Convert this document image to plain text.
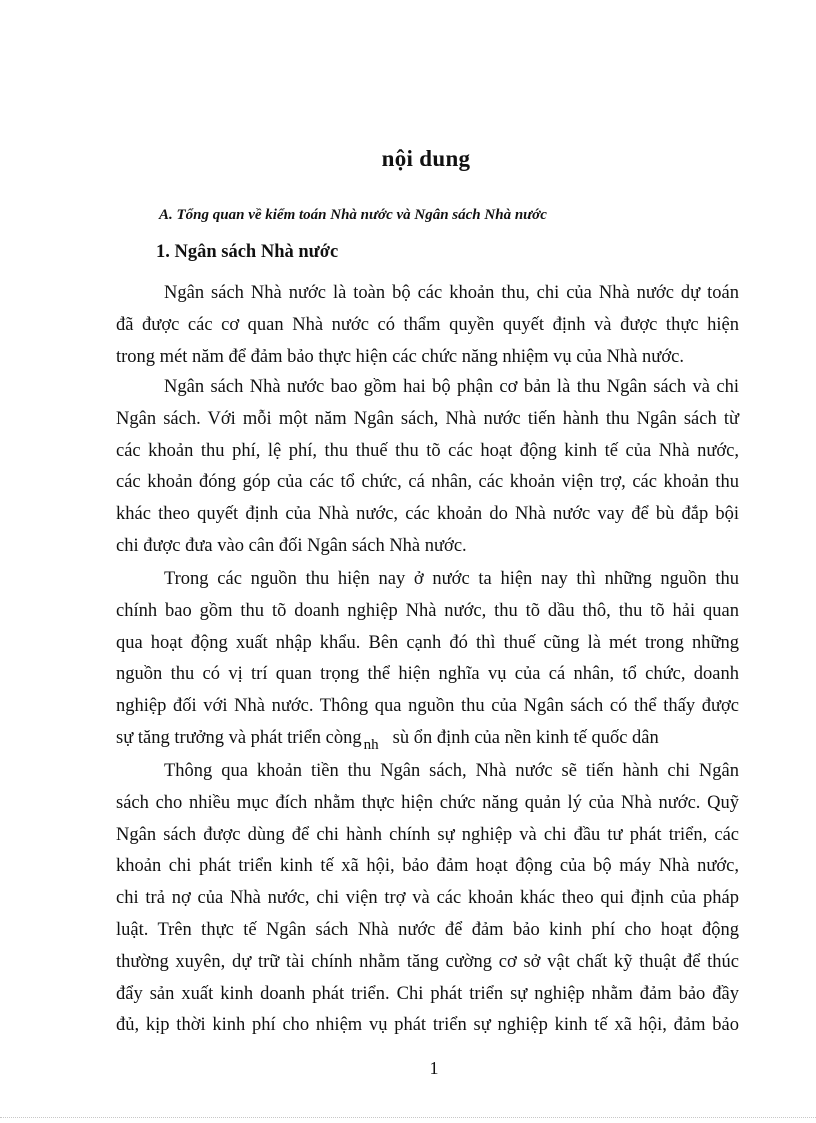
nội dung
A. Tổng quan về kiểm toán Nhà nước và Ngân sách Nhà nước
1. Ngân sách Nhà nước

Ngân sách Nhà nước là toàn bộ các khoản thu, chi của Nhà nước dự toán
đã được các cơ quan Nhà nước có thẩm quyền quyết định và được thực hiện
trong mét năm để đảm bảo thực hiện các chức năng nhiệm vụ của Nhà nước.

Ngân sách Nhà nước bao gồm hai bộ phận cơ bản là thu Ngân sách và chi
Ngân sách. Với mỗi một năm Ngân sách, Nhà nước tiến hành thu Ngân sách từ
các khoản thu phí, lệ phí, thu thuế thu tõ các hoạt động kinh tế của Nhà nước,
các khoản đóng góp của các tổ chức, cá nhân, các khoản viện trợ, các khoản thu
khác theo quyết định của Nhà nước, các khoản do Nhà nước vay để bù đắp bội
chi được đưa vào cân đối Ngân sách Nhà nước.

Trong các nguồn thu hiện nay ở nước ta hiện nay thì những nguồn thu
chính bao gồm thu tõ doanh nghiệp Nhà nước, thu tõ dầu thô, thu tõ hải quan
qua hoạt động xuất nhập khẩu. Bên cạnh đó thì thuế cũng là mét trong những
nguồn thu có vị trí quan trọng thể hiện nghĩa vụ của cá nhân, tổ chức, doanh
nghiệp đối với Nhà nước. Thông qua nguồn thu của Ngân sách có thể thấy được
sự tăng trưởng và phát triển còng $_{nh}$ sù ổn định của nền kinh tế quốc dân

Thông qua khoản tiền thu Ngân sách, Nhà nước sẽ tiến hành chi Ngân
sách cho nhiều mục đích nhằm thực hiện chức năng quản lý của Nhà nước. Quỹ
Ngân sách được dùng để chi hành chính sự nghiệp và chi đầu tư phát triển, các
khoản chi phát triển kinh tế xã hội, bảo đảm hoạt động của bộ máy Nhà nước,
chi trả nợ của Nhà nước, chi viện trợ và các khoản khác theo qui định của pháp
luật. Trên thực tế Ngân sách Nhà nước để đảm bảo kinh phí cho hoạt động
thường xuyên, dự trữ tài chính nhằm tăng cường cơ sở vật chất kỹ thuật để thúc
đẩy sản xuất kinh doanh phát triển. Chi phát triển sự nghiệp nhằm đảm bảo đầy
đủ, kịp thời kinh phí cho nhiệm vụ phát triển sự nghiệp kinh tế xã hội, đảm bảo

1
